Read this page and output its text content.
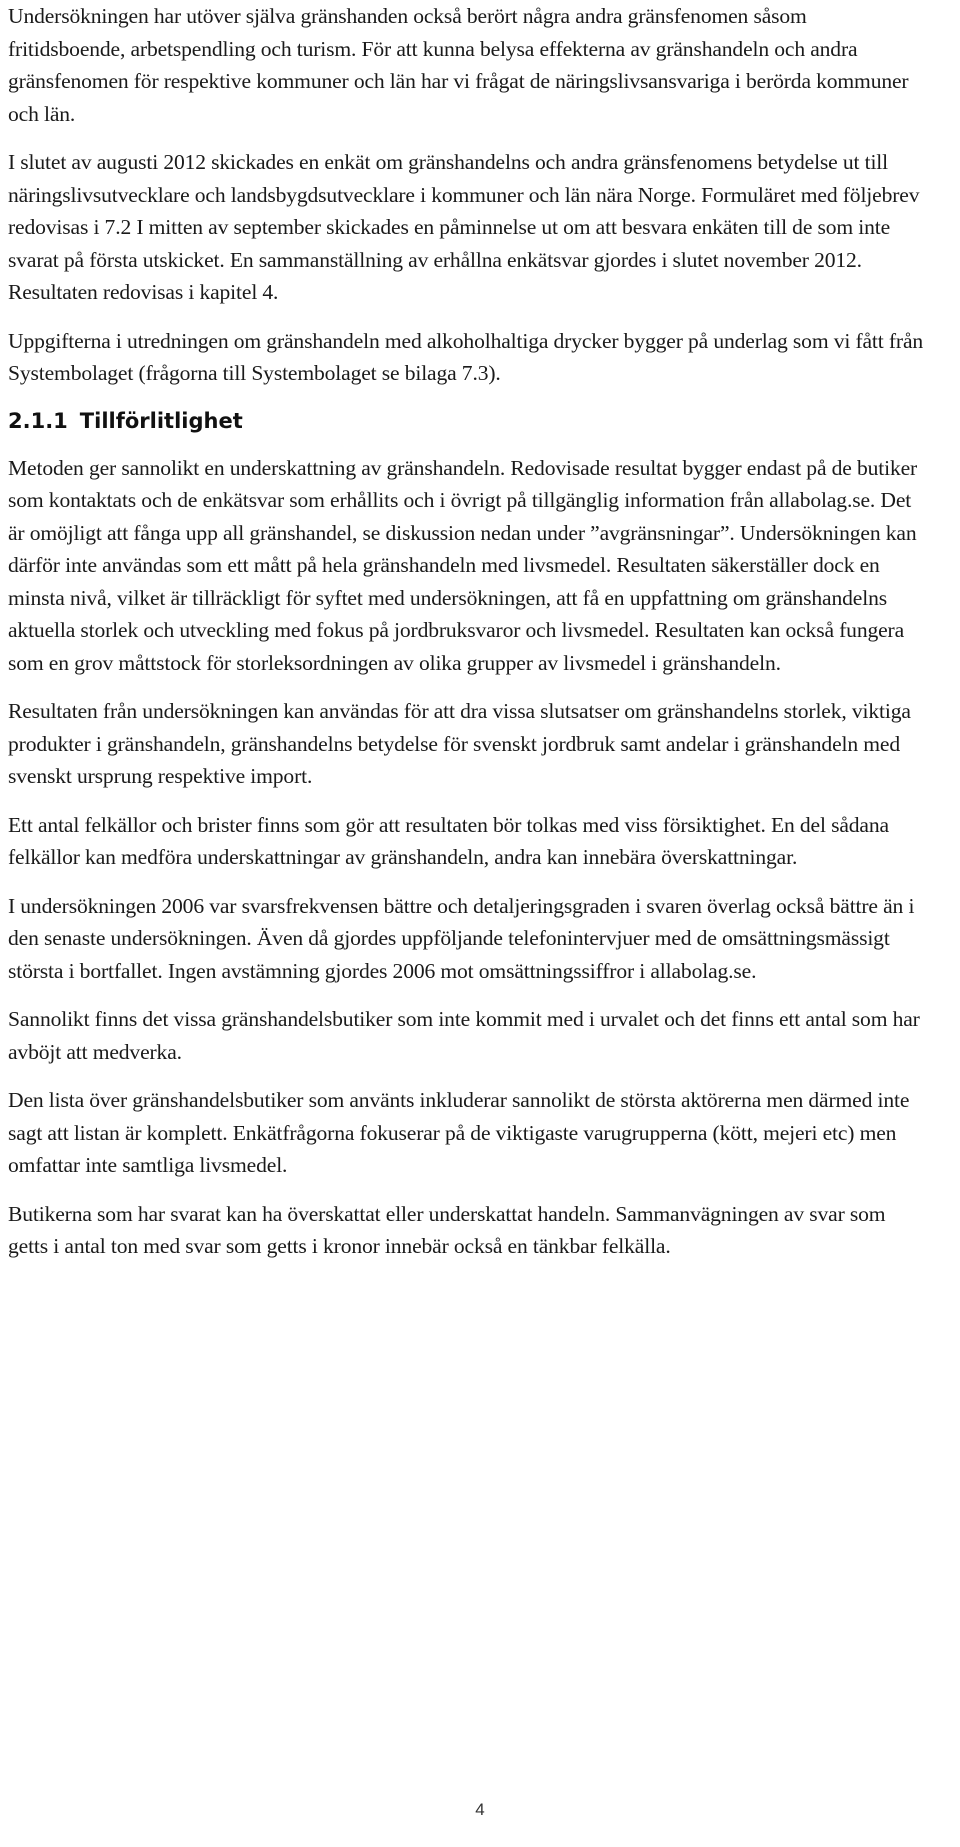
Undersökningen har utöver själva gränshanden också berört några andra gränsfenomen såsom fritidsboende, arbetspendling och turism. För att kunna belysa effekterna av gränshandeln och andra gränsfenomen för respektive kommuner och län har vi frågat de näringslivsansvariga i berörda kommuner och län.

I slutet av augusti 2012 skickades en enkät om gränshandelns och andra gränsfenomens betydelse ut till näringslivsutvecklare och landsbygdsutvecklare i kommuner och län nära Norge. Formuläret med följebrev redovisas i 7.2 I mitten av september skickades en påminnelse ut om att besvara enkäten till de som inte svarat på första utskicket. En sammanställning av erhållna enkätsvar gjordes i slutet november 2012. Resultaten redovisas i kapitel 4.

Uppgifterna i utredningen om gränshandeln med alkoholhaltiga drycker bygger på underlag som vi fått från Systembolaget (frågorna till Systembolaget se bilaga 7.3).

2.1.1 Tillförlitlighet

Metoden ger sannolikt en underskattning av gränshandeln. Redovisade resultat bygger endast på de butiker som kontaktats och de enkätsvar som erhållits och i övrigt på tillgänglig information från allabolag.se. Det är omöjligt att fånga upp all gränshandel, se diskussion nedan under ”avgränsningar”. Undersökningen kan därför inte användas som ett mått på hela gränshandeln med livsmedel. Resultaten säkerställer dock en minsta nivå, vilket är tillräckligt för syftet med undersökningen, att få en uppfattning om gränshandelns aktuella storlek och utveckling med fokus på jordbruksvaror och livsmedel. Resultaten kan också fungera som en grov måttstock för storleksordningen av olika grupper av livsmedel i gränshandeln.

Resultaten från undersökningen kan användas för att dra vissa slutsatser om gränshandelns storlek, viktiga produkter i gränshandeln, gränshandelns betydelse för svenskt jordbruk samt andelar i gränshandeln med svenskt ursprung respektive import.

Ett antal felkällor och brister finns som gör att resultaten bör tolkas med viss försiktighet. En del sådana felkällor kan medföra underskattningar av gränshandeln, andra kan innebära överskattningar.

I undersökningen 2006 var svarsfrekvensen bättre och detaljeringsgraden i svaren överlag också bättre än i den senaste undersökningen. Även då gjordes uppföljande telefonintervjuer med de omsättningsmässigt största i bortfallet. Ingen avstämning gjordes 2006 mot omsättningssiffror i allabolag.se.

Sannolikt finns det vissa gränshandelsbutiker som inte kommit med i urvalet och det finns ett antal som har avböjt att medverka.

Den lista över gränshandelsbutiker som använts inkluderar sannolikt de största aktörerna men därmed inte sagt att listan är komplett. Enkätfrågorna fokuserar på de viktigaste varugrupperna (kött, mejeri etc) men omfattar inte samtliga livsmedel.

Butikerna som har svarat kan ha överskattat eller underskattat handeln. Sammanvägningen av svar som getts i antal ton med svar som getts i kronor innebär också en tänkbar felkälla.

4
